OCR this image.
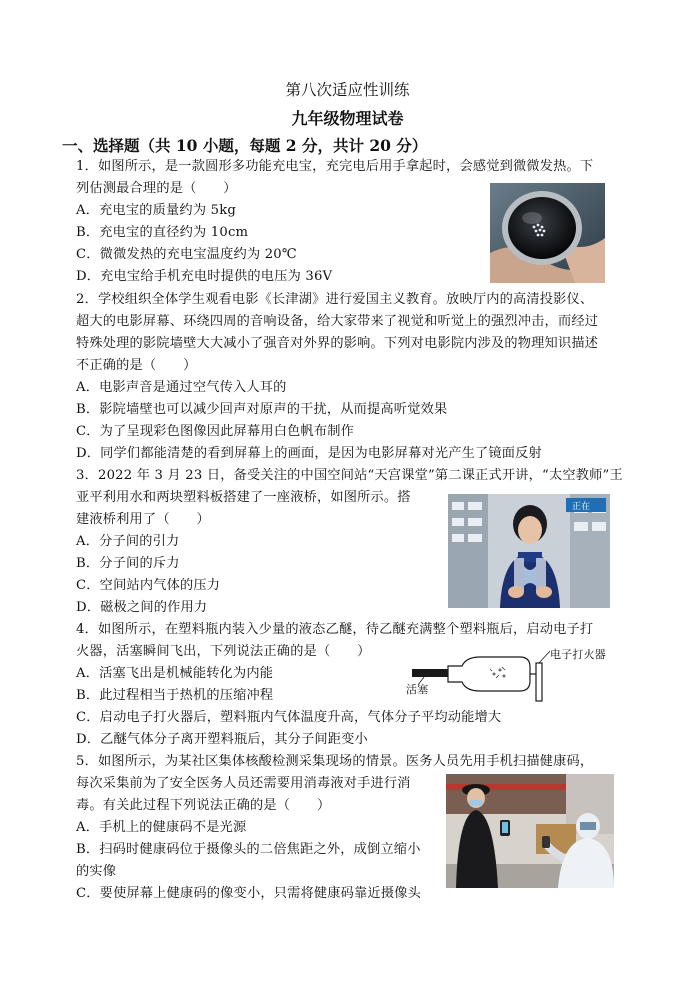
第八次适应性训练
九年级物理试卷
一、选择题（共 10 小题，每题 2 分，共计 20 分）
1．如图所示，是一款圆形多功能充电宝，充完电后用手拿起时，会感觉到微微发热。下
列估测最合理的是（　　）
A．充电宝的质量约为 5kg
B．充电宝的直径约为 10cm
C．微微发热的充电宝温度约为 20℃
D．充电宝给手机充电时提供的电压为 36V
2．学校组织全体学生观看电影《长津湖》进行爱国主义教育。放映厅内的高清投影仪、
超大的电影屏幕、环绕四周的音响设备，给大家带来了视觉和听觉上的强烈冲击，而经过
特殊处理的影院墙壁大大减小了强音对外界的影响。下列对电影院内涉及的物理知识描述
不正确的是（　　）
A．电影声音是通过空气传入人耳的
B．影院墙壁也可以减少回声对原声的干扰，从而提高听觉效果
C．为了呈现彩色图像因此屏幕用白色帆布制作
D．同学们都能清楚的看到屏幕上的画面，是因为电影屏幕对光产生了镜面反射
3．2022 年 3 月 23 日，备受关注的中国空间站“天宫课堂”第二课正式开讲，“太空教师”王
亚平利用水和两块塑料板搭建了一座液桥，如图所示。搭
建液桥利用了（　　）
A．分子间的引力
B．分子间的斥力
C．空间站内气体的压力
D．磁极之间的作用力
正在
4．如图所示，在塑料瓶内装入少量的液态乙醚，待乙醚充满整个塑料瓶后，启动电子打
火器，活塞瞬间飞出，下列说法正确的是（　　）
A．活塞飞出是机械能转化为内能
B．此过程相当于热机的压缩冲程
C．启动电子打火器后，塑料瓶内气体温度升高，气体分子平均动能增大
D．乙醚气体分子离开塑料瓶后，其分子间距变小
电子打火器
活塞
5．如图所示，为某社区集体核酸检测采集现场的情景。医务人员先用手机扫描健康码，
每次采集前为了安全医务人员还需要用消毒液对手进行消
毒。有关此过程下列说法正确的是（　　）
A．手机上的健康码不是光源
B．扫码时健康码位于摄像头的二倍焦距之外，成倒立缩小
的实像
C．要使屏幕上健康码的像变小，只需将健康码靠近摄像头
